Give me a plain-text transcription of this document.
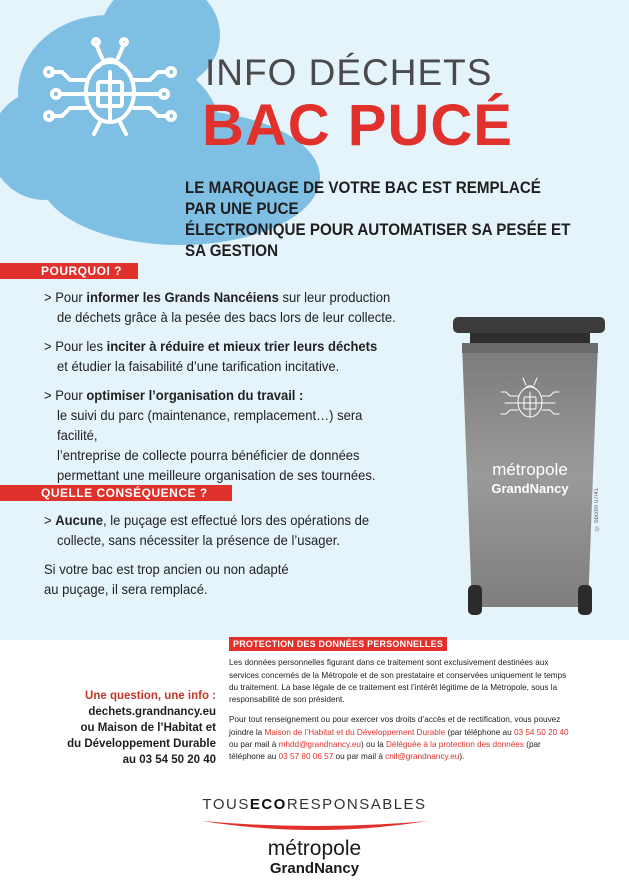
INFO DÉCHETS
BAC PUCÉ
LE MARQUAGE DE VOTRE BAC EST REMPLACÉ PAR UNE PUCE
ÉLECTRONIQUE POUR AUTOMATISER SA PESÉE ET SA GESTION
POURQUOI ?

> Pour informer les Grands Nancéiens sur leur production
de déchets grâce à la pesée des bacs lors de leur collecte.

> Pour les inciter à réduire et mieux trier leurs déchets
et étudier la faisabilité d’une tarification incitative.

> Pour optimiser l’organisation du travail :
le suivi du parc (maintenance, remplacement…) sera facilité,
l’entreprise de collecte pourra bénéficier de données
permettant une meilleure organisation de ses tournées.

QUELLE CONSÉQUENCE ?

> Aucune, le puçage est effectué lors des opérations de
collecte, sans nécessiter la présence de l’usager.

Si votre bac est trop ancien ou non adapté
au puçage, il sera remplacé.

métropole
GrandNancy	© bbcom 07/41
Une question, une info :
dechets.grandnancy.eu
ou Maison de l’Habitat et
du Développement Durable
au 03 54 50 20 40
PROTECTION DES DONNÉES PERSONNELLES

Les données personnelles figurant dans ce traitement sont exclusivement destinées aux services concernés de la Métropole et de son prestataire et conservées uniquement le temps du traitement. La base légale de ce traitement est l’intérêt légitime de la Métropole, sous la responsabilité de son président.

Pour tout renseignement ou pour exercer vos droits d’accès et de rectification, vous pouvez joindre la Maison de l’Habitat et du Développement Durable (par téléphone au 03 54 50 20 40 ou par mail à mhdd@grandnancy.eu) ou la Déléguée à la protection des données (par téléphone au 03 57 80 06 57 ou par mail à cnil@grandnancy.eu).

TOUSECORESPONSABLES
métropole
GrandNancy
